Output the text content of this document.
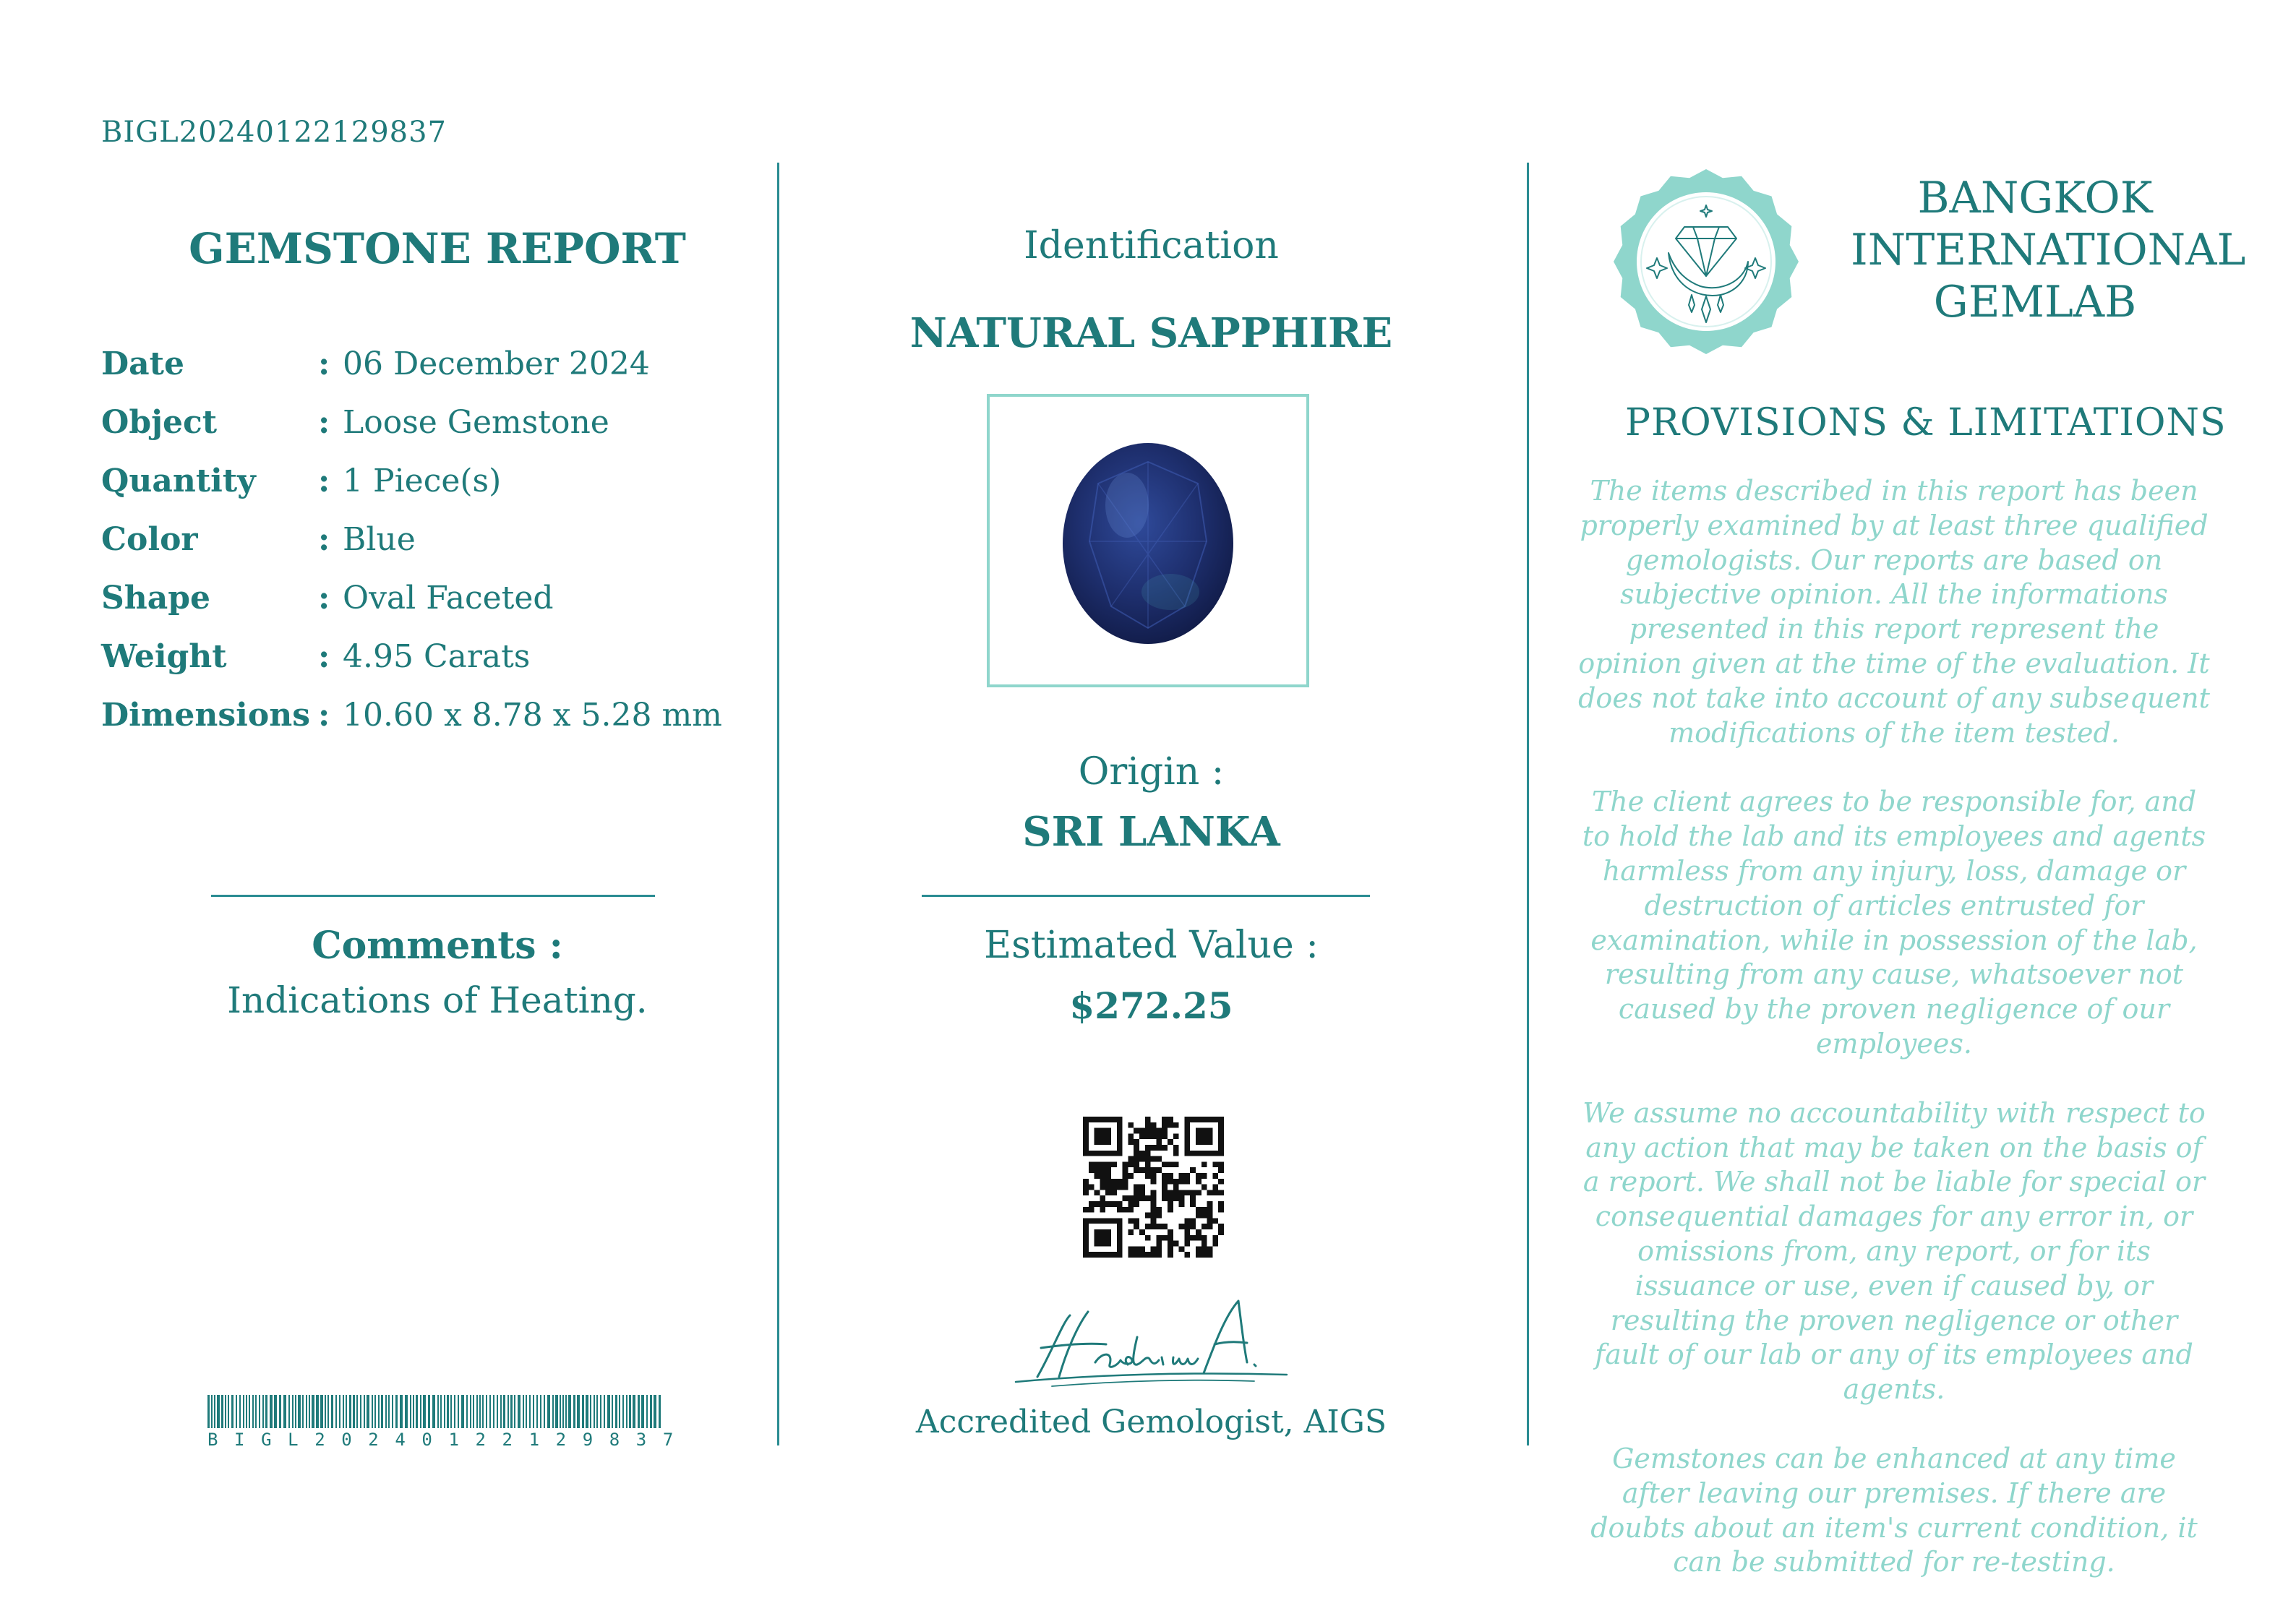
BIGL20240122129837
GEMSTONE REPORT
Date	: 06 December 2024
Object	: Loose Gemstone
Quantity : 1 Piece(s)
Color	: Blue
Shape	: Oval Faceted
Weight	: 4.95 Carats
Dimensions : 10.60 x 8.78 x 5.28 mm
Comments :
Indications of Heating.
BIGL20240122129837
Identification
NATURAL SAPPHIRE
Origin :
SRI LANKA
Estimated Value :
$272.25
Accredited Gemologist, AIGS
BANGKOK
INTERNATIONAL
GEMLAB
PROVISIONS & LIMITATIONS

The items described in this report has been properly examined by at least three qualified gemologists. Our reports are based on subjective opinion. All the informations presented in this report represent the opinion given at the time of the evaluation. It does not take into account of any subsequent modifications of the item tested.

The client agrees to be responsible for, and to hold the lab and its employees and agents harmless from any injury, loss, damage or destruction of articles entrusted for examination, while in possession of the lab, resulting from any cause, whatsoever not caused by the proven negligence of our employees.

We assume no accountability with respect to any action that may be taken on the basis of a report. We shall not be liable for special or consequential damages for any error in, or omissions from, any report, or for its issuance or use, even if caused by, or resulting the proven negligence or other fault of our lab or any of its employees and agents.

Gemstones can be enhanced at any time after leaving our premises. If there are doubts about an item's current condition, it can be submitted for re-testing.
